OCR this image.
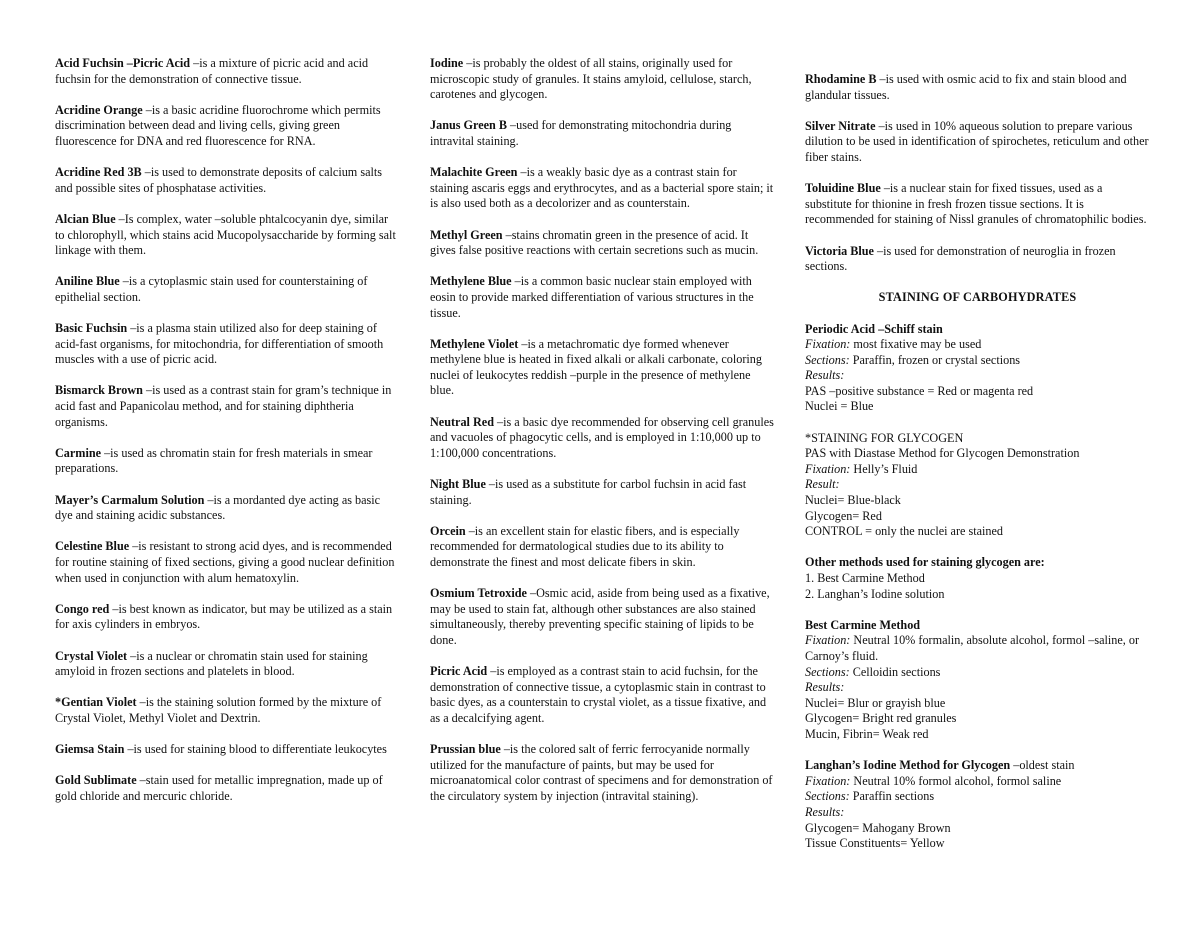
Acid Fuchsin –Picric Acid –is a mixture of picric acid and acid fuchsin for the demonstration of connective tissue.

Acridine Orange –is a basic acridine fluorochrome which permits discrimination between dead and living cells, giving green fluorescence for DNA and red fluorescence for RNA.

Acridine Red 3B –is used to demonstrate deposits of calcium salts and possible sites of phosphatase activities.

Alcian Blue –Is complex, water –soluble phtalcocyanin dye, similar to chlorophyll, which stains acid Mucopolysaccharide by forming salt linkage with them.

Aniline Blue –is a cytoplasmic stain used for counterstaining of epithelial section.

Basic Fuchsin –is a plasma stain utilized also for deep staining of acid-fast organisms, for mitochondria, for differentiation of smooth muscles with a use of picric acid.

Bismarck Brown –is used as a contrast stain for gram’s technique in acid fast and Papanicolau method, and for staining diphtheria organisms.

Carmine –is used as chromatin stain for fresh materials in smear preparations.

Mayer’s Carmalum Solution –is a mordanted dye acting as basic dye and staining acidic substances.

Celestine Blue –is resistant to strong acid dyes, and is recommended for routine staining of fixed sections, giving a good nuclear definition when used in conjunction with alum hematoxylin.

Congo red –is best known as indicator, but may be utilized as a stain for axis cylinders in embryos.

Crystal Violet –is a nuclear or chromatin stain used for staining amyloid in frozen sections and platelets in blood.

*Gentian Violet –is the staining solution formed by the mixture of Crystal Violet, Methyl Violet and Dextrin.

Giemsa Stain –is used for staining blood to differentiate leukocytes

Gold Sublimate –stain used for metallic impregnation, made up of gold chloride and mercuric chloride.

Iodine –is probably the oldest of all stains, originally used for microscopic study of granules. It stains amyloid, cellulose, starch, carotenes and glycogen.

Janus Green B –used for demonstrating mitochondria during intravital staining.

Malachite Green –is a weakly basic dye as a contrast stain for staining ascaris eggs and erythrocytes, and as a bacterial spore stain; it is also used both as a decolorizer and as counterstain.

Methyl Green –stains chromatin green in the presence of acid. It gives false positive reactions with certain secretions such as mucin.

Methylene Blue –is a common basic nuclear stain employed with eosin to provide marked differentiation of various structures in the tissue.

Methylene Violet –is a metachromatic dye formed whenever methylene blue is heated in fixed alkali or alkali carbonate, coloring nuclei of leukocytes reddish –purple in the presence of methylene blue.

Neutral Red –is a basic dye recommended for observing cell granules and vacuoles of phagocytic cells, and is employed in 1:10,000 up to 1:100,000 concentrations.

Night Blue –is used as a substitute for carbol fuchsin in acid fast staining.

Orcein –is an excellent stain for elastic fibers, and is especially recommended for dermatological studies due to its ability to demonstrate the finest and most delicate fibers in skin.

Osmium Tetroxide –Osmic acid, aside from being used as a fixative, may be used to stain fat, although other substances are also stained simultaneously, thereby preventing specific staining of lipids to be done.

Picric Acid –is employed as a contrast stain to acid fuchsin, for the demonstration of connective tissue, a cytoplasmic stain in contrast to basic dyes, as a counterstain to crystal violet, as a tissue fixative, and as a decalcifying agent.

Prussian blue –is the colored salt of ferric ferrocyanide normally utilized for the manufacture of paints, but may be used for microanatomical color contrast of specimens and for demonstration of the circulatory system by injection (intravital staining).

Rhodamine B –is used with osmic acid to fix and stain blood and glandular tissues.

Silver Nitrate –is used in 10% aqueous solution to prepare various dilution to be used in identification of spirochetes, reticulum and other fiber stains.

Toluidine Blue –is a nuclear stain for fixed tissues, used as a substitute for thionine in fresh frozen tissue sections. It is recommended for staining of Nissl granules of chromatophilic bodies.

Victoria Blue –is used for demonstration of neuroglia in frozen sections.

STAINING OF CARBOHYDRATES
Periodic Acid –Schiff stain
Fixation: most fixative may be used
Sections: Paraffin, frozen or crystal sections
Results:
PAS –positive substance = Red or magenta red
Nuclei = Blue
*STAINING FOR GLYCOGEN
PAS with Diastase Method for Glycogen Demonstration
Fixation: Helly’s Fluid
Result:
Nuclei= Blue-black
Glycogen= Red
CONTROL = only the nuclei are stained
Other methods used for staining glycogen are:
1. Best Carmine Method
2. Langhan’s Iodine solution
Best Carmine Method
Fixation: Neutral 10% formalin, absolute alcohol, formol –saline, or Carnoy’s fluid.
Sections: Celloidin sections
Results:
Nuclei= Blur or grayish blue
Glycogen= Bright red granules
Mucin, Fibrin= Weak red
Langhan’s Iodine Method for Glycogen –oldest stain
Fixation: Neutral 10% formol alcohol, formol saline
Sections: Paraffin sections
Results:
Glycogen= Mahogany Brown
Tissue Constituents= Yellow
